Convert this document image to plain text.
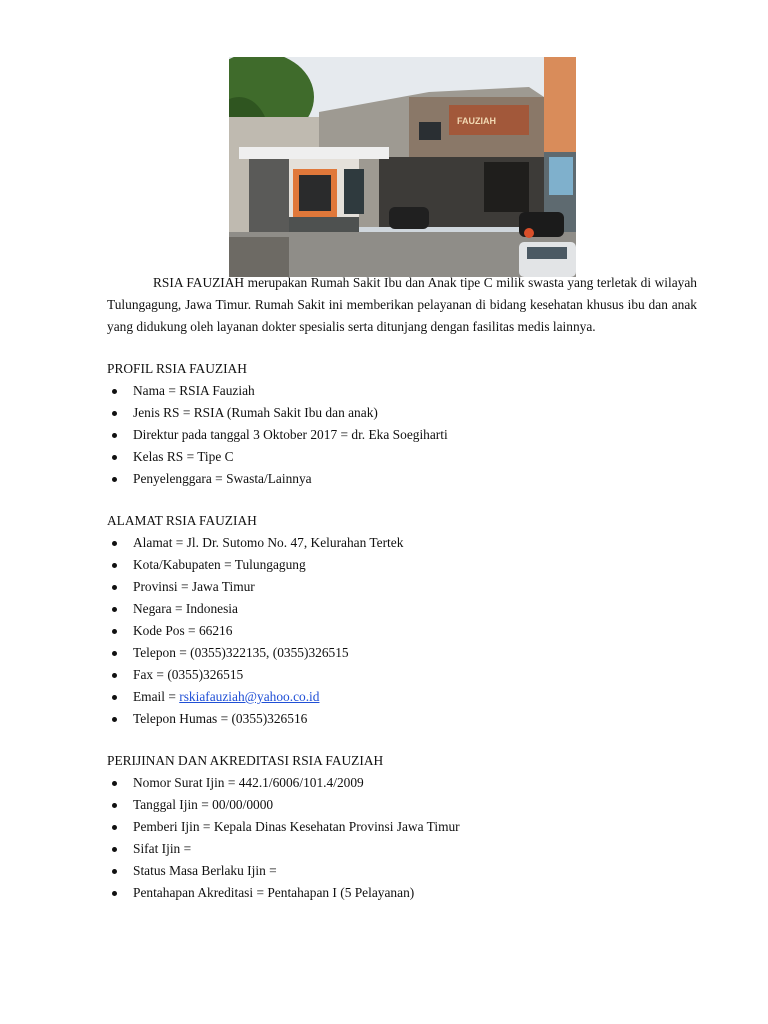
FAUZIAH

RSIA FAUZIAH merupakan Rumah Sakit Ibu dan Anak tipe C milik swasta yang terletak di wilayah Tulungagung, Jawa Timur. Rumah Sakit ini memberikan pelayanan di bidang kesehatan khusus ibu dan anak yang didukung oleh layanan dokter spesialis serta ditunjang dengan fasilitas medis lainnya.

PROFIL RSIA FAUZIAH
Nama = RSIA Fauziah
Jenis RS = RSIA (Rumah Sakit Ibu dan anak)
Direktur pada tanggal 3 Oktober 2017 = dr. Eka Soegiharti
Kelas RS = Tipe C
Penyelenggara = Swasta/Lainnya
ALAMAT RSIA FAUZIAH
Alamat = Jl. Dr. Sutomo No. 47, Kelurahan Tertek
Kota/Kabupaten = Tulungagung
Provinsi = Jawa Timur
Negara = Indonesia
Kode Pos = 66216
Telepon = (0355)322135, (0355)326515
Fax = (0355)326515
Email = rskiafauziah@yahoo.co.id
Telepon Humas = (0355)326516
PERIJINAN DAN AKREDITASI RSIA FAUZIAH
Nomor Surat Ijin = 442.1/6006/101.4/2009
Tanggal Ijin = 00/00/0000
Pemberi Ijin = Kepala Dinas Kesehatan Provinsi Jawa Timur
Sifat Ijin =
Status Masa Berlaku Ijin =
Pentahapan Akreditasi = Pentahapan I (5 Pelayanan)
